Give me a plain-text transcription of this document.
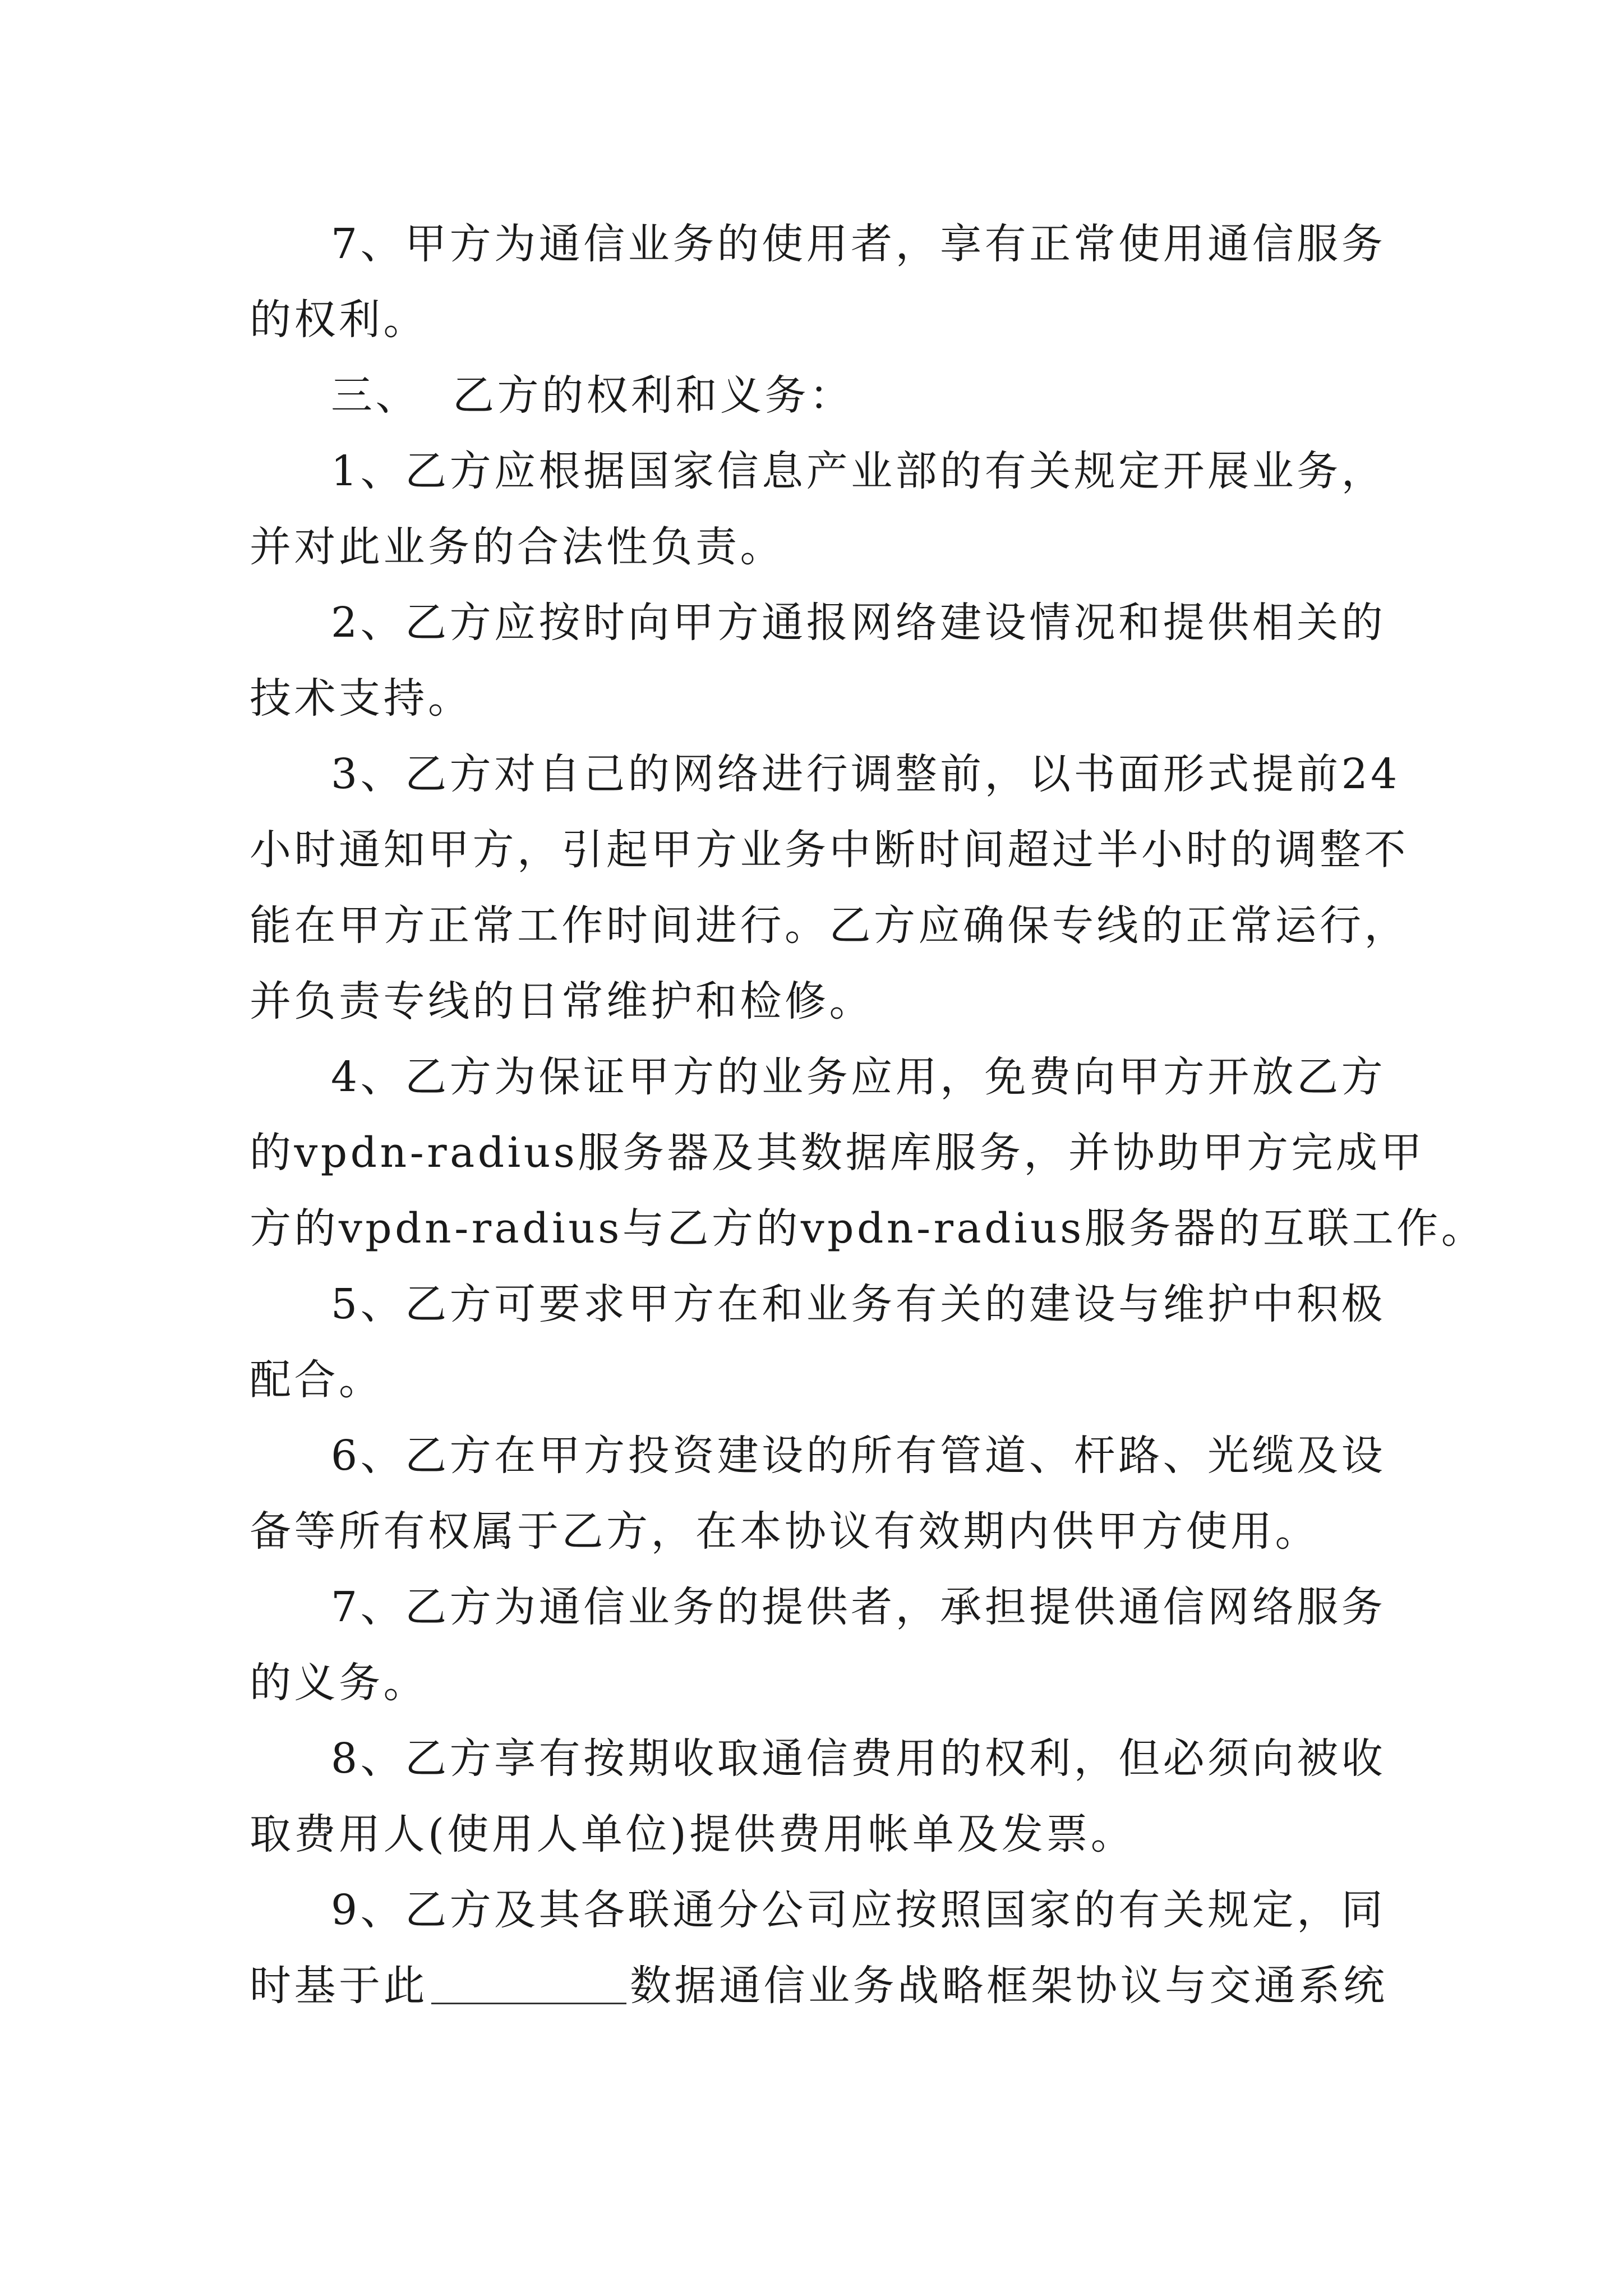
7、甲方为通信业务的使用者，享有正常使用通信服务
的权利。
三、  乙方的权利和义务：
1、乙方应根据国家信息产业部的有关规定开展业务，
并对此业务的合法性负责。
2、乙方应按时向甲方通报网络建设情况和提供相关的
技术支持。
3、乙方对自己的网络进行调整前，以书面形式提前24
小时通知甲方，引起甲方业务中断时间超过半小时的调整不
能在甲方正常工作时间进行。乙方应确保专线的正常运行，
并负责专线的日常维护和检修。
4、乙方为保证甲方的业务应用，免费向甲方开放乙方
的vpdn-radius服务器及其数据库服务，并协助甲方完成甲
方的vpdn-radius与乙方的vpdn-radius服务器的互联工作。
5、乙方可要求甲方在和业务有关的建设与维护中积极
配合。
6、乙方在甲方投资建设的所有管道、杆路、光缆及设
备等所有权属于乙方，在本协议有效期内供甲方使用。
7、乙方为通信业务的提供者，承担提供通信网络服务
的义务。
8、乙方享有按期收取通信费用的权利，但必须向被收
取费用人(使用人单位)提供费用帐单及发票。
9、乙方及其各联通分公司应按照国家的有关规定，同
时基于此	数据通信业务战略框架协议与交通系统
